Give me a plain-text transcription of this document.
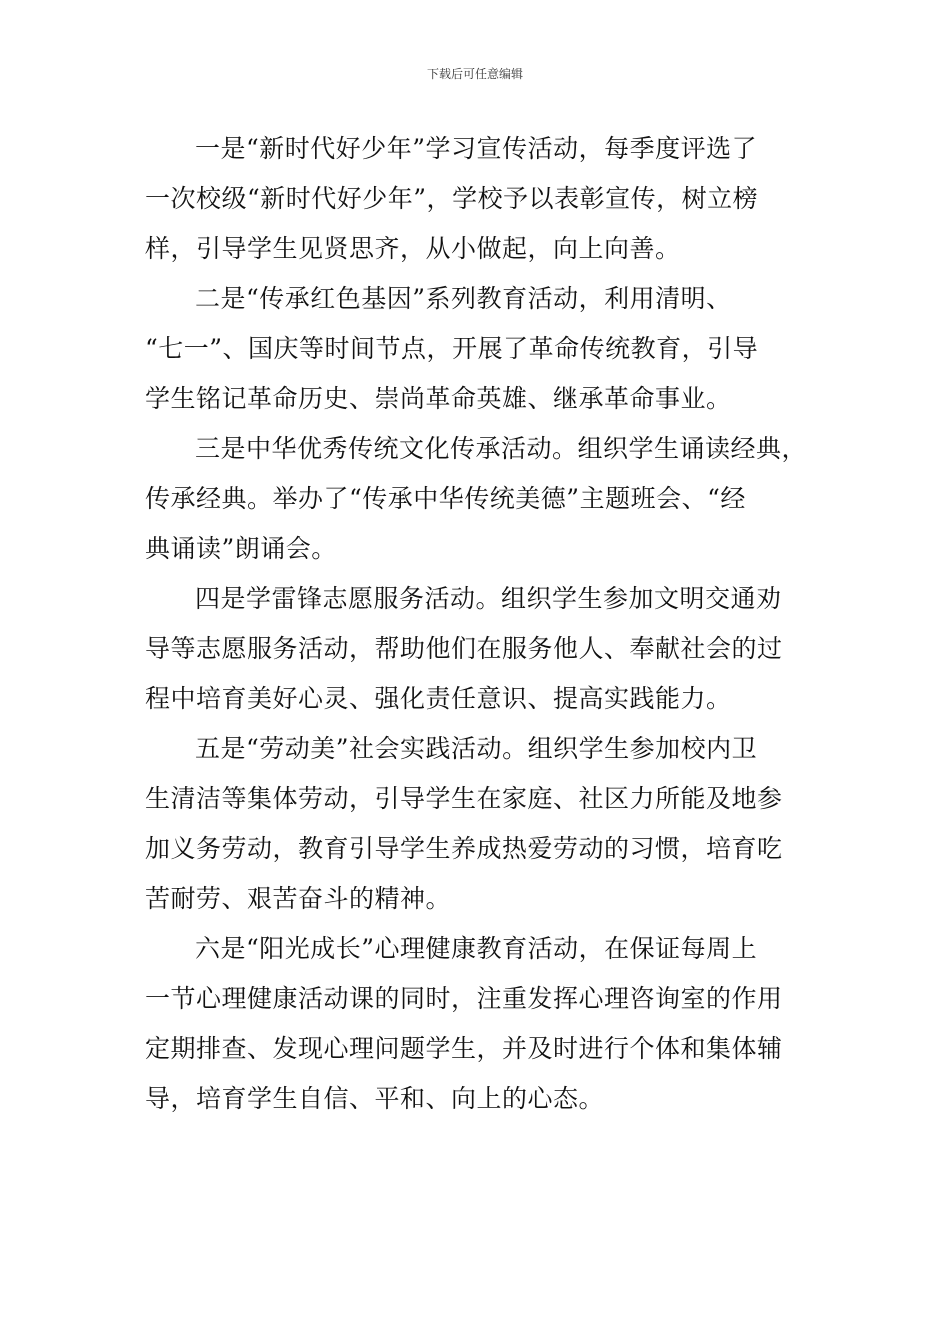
下载后可任意编辑

一是“新时代好少年”学习宣传活动，每季度评选了
一次校级“新时代好少年”，学校予以表彰宣传，树立榜
样，引导学生见贤思齐，从小做起，向上向善。

二是“传承红色基因”系列教育活动，利用清明、
“七一”、国庆等时间节点，开展了革命传统教育，引导
学生铭记革命历史、崇尚革命英雄、继承革命事业。

三是中华优秀传统文化传承活动。组织学生诵读经典，
传承经典。举办了“传承中华传统美德”主题班会、“经
典诵读”朗诵会。

四是学雷锋志愿服务活动。组织学生参加文明交通劝
导等志愿服务活动，帮助他们在服务他人、奉献社会的过
程中培育美好心灵、强化责任意识、提高实践能力。

五是“劳动美”社会实践活动。组织学生参加校内卫
生清洁等集体劳动，引导学生在家庭、社区力所能及地参
加义务劳动，教育引导学生养成热爱劳动的习惯，培育吃
苦耐劳、艰苦奋斗的精神。

六是“阳光成长”心理健康教育活动，在保证每周上
一节心理健康活动课的同时，注重发挥心理咨询室的作用
定期排查、发现心理问题学生，并及时进行个体和集体辅
导，培育学生自信、平和、向上的心态。
